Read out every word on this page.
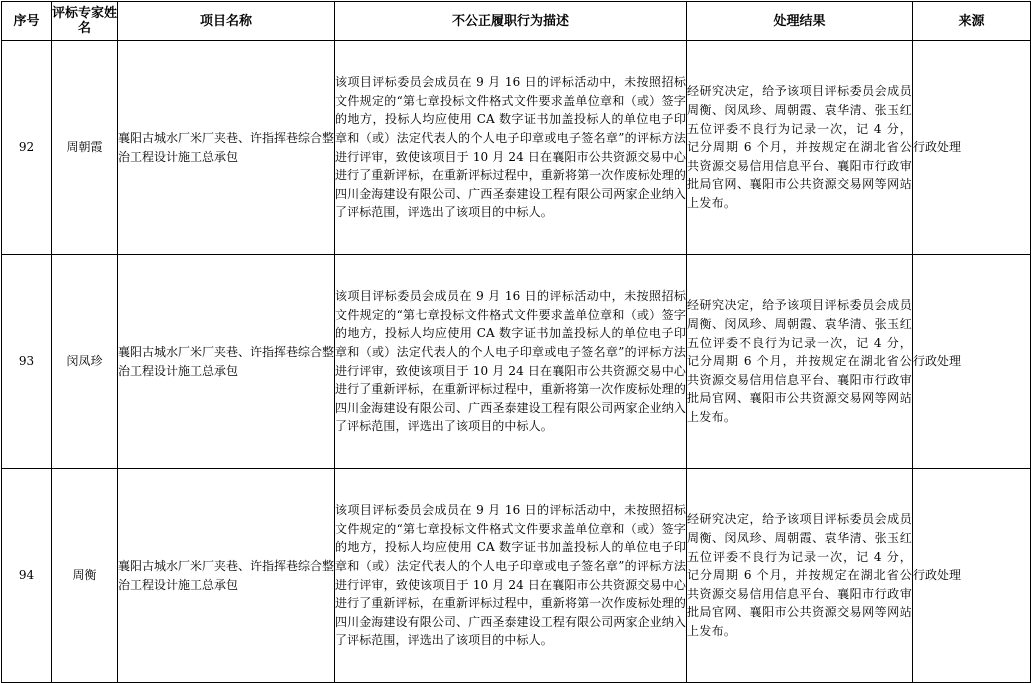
序号	评标专家姓名	项目名称	不公正履职行为描述	处理结果	来源
92	周朝霞	襄阳古城水厂米厂夹巷、许指挥巷综合整治工程设计施工总承包	该项目评标委员会成员在 9 月 16 日的评标活动中，未按照招标文件规定的“第七章投标文件格式文件要求盖单位章和（或）签字的地方，投标人均应使用 CA 数字证书加盖投标人的单位电子印章和（或）法定代表人的个人电子印章或电子签名章”的评标方法进行评审，致使该项目于 10 月 24 日在襄阳市公共资源交易中心进行了重新评标，在重新评标过程中，重新将第一次作废标处理的四川金海建设有限公司、广西圣泰建设工程有限公司两家企业纳入了评标范围，评选出了该项目的中标人。	经研究决定，给予该项目评标委员会成员周衡、闵凤珍、周朝霞、袁华清、张玉红五位评委不良行为记录一次，记 4 分，记分周期 6 个月，并按规定在湖北省公共资源交易信用信息平台、襄阳市行政审批局官网、襄阳市公共资源交易网等网站上发布。	行政处理
93	闵凤珍	襄阳古城水厂米厂夹巷、许指挥巷综合整治工程设计施工总承包	该项目评标委员会成员在 9 月 16 日的评标活动中，未按照招标文件规定的“第七章投标文件格式文件要求盖单位章和（或）签字的地方，投标人均应使用 CA 数字证书加盖投标人的单位电子印章和（或）法定代表人的个人电子印章或电子签名章”的评标方法进行评审，致使该项目于 10 月 24 日在襄阳市公共资源交易中心进行了重新评标，在重新评标过程中，重新将第一次作废标处理的四川金海建设有限公司、广西圣泰建设工程有限公司两家企业纳入了评标范围，评选出了该项目的中标人。	经研究决定，给予该项目评标委员会成员周衡、闵凤珍、周朝霞、袁华清、张玉红五位评委不良行为记录一次，记 4 分，记分周期 6 个月，并按规定在湖北省公共资源交易信用信息平台、襄阳市行政审批局官网、襄阳市公共资源交易网等网站上发布。	行政处理
94	周衡	襄阳古城水厂米厂夹巷、许指挥巷综合整治工程设计施工总承包	该项目评标委员会成员在 9 月 16 日的评标活动中，未按照招标文件规定的“第七章投标文件格式文件要求盖单位章和（或）签字的地方，投标人均应使用 CA 数字证书加盖投标人的单位电子印章和（或）法定代表人的个人电子印章或电子签名章”的评标方法进行评审，致使该项目于 10 月 24 日在襄阳市公共资源交易中心进行了重新评标，在重新评标过程中，重新将第一次作废标处理的四川金海建设有限公司、广西圣泰建设工程有限公司两家企业纳入了评标范围，评选出了该项目的中标人。	经研究决定，给予该项目评标委员会成员周衡、闵凤珍、周朝霞、袁华清、张玉红五位评委不良行为记录一次，记 4 分，记分周期 6 个月，并按规定在湖北省公共资源交易信用信息平台、襄阳市行政审批局官网、襄阳市公共资源交易网等网站上发布。	行政处理
